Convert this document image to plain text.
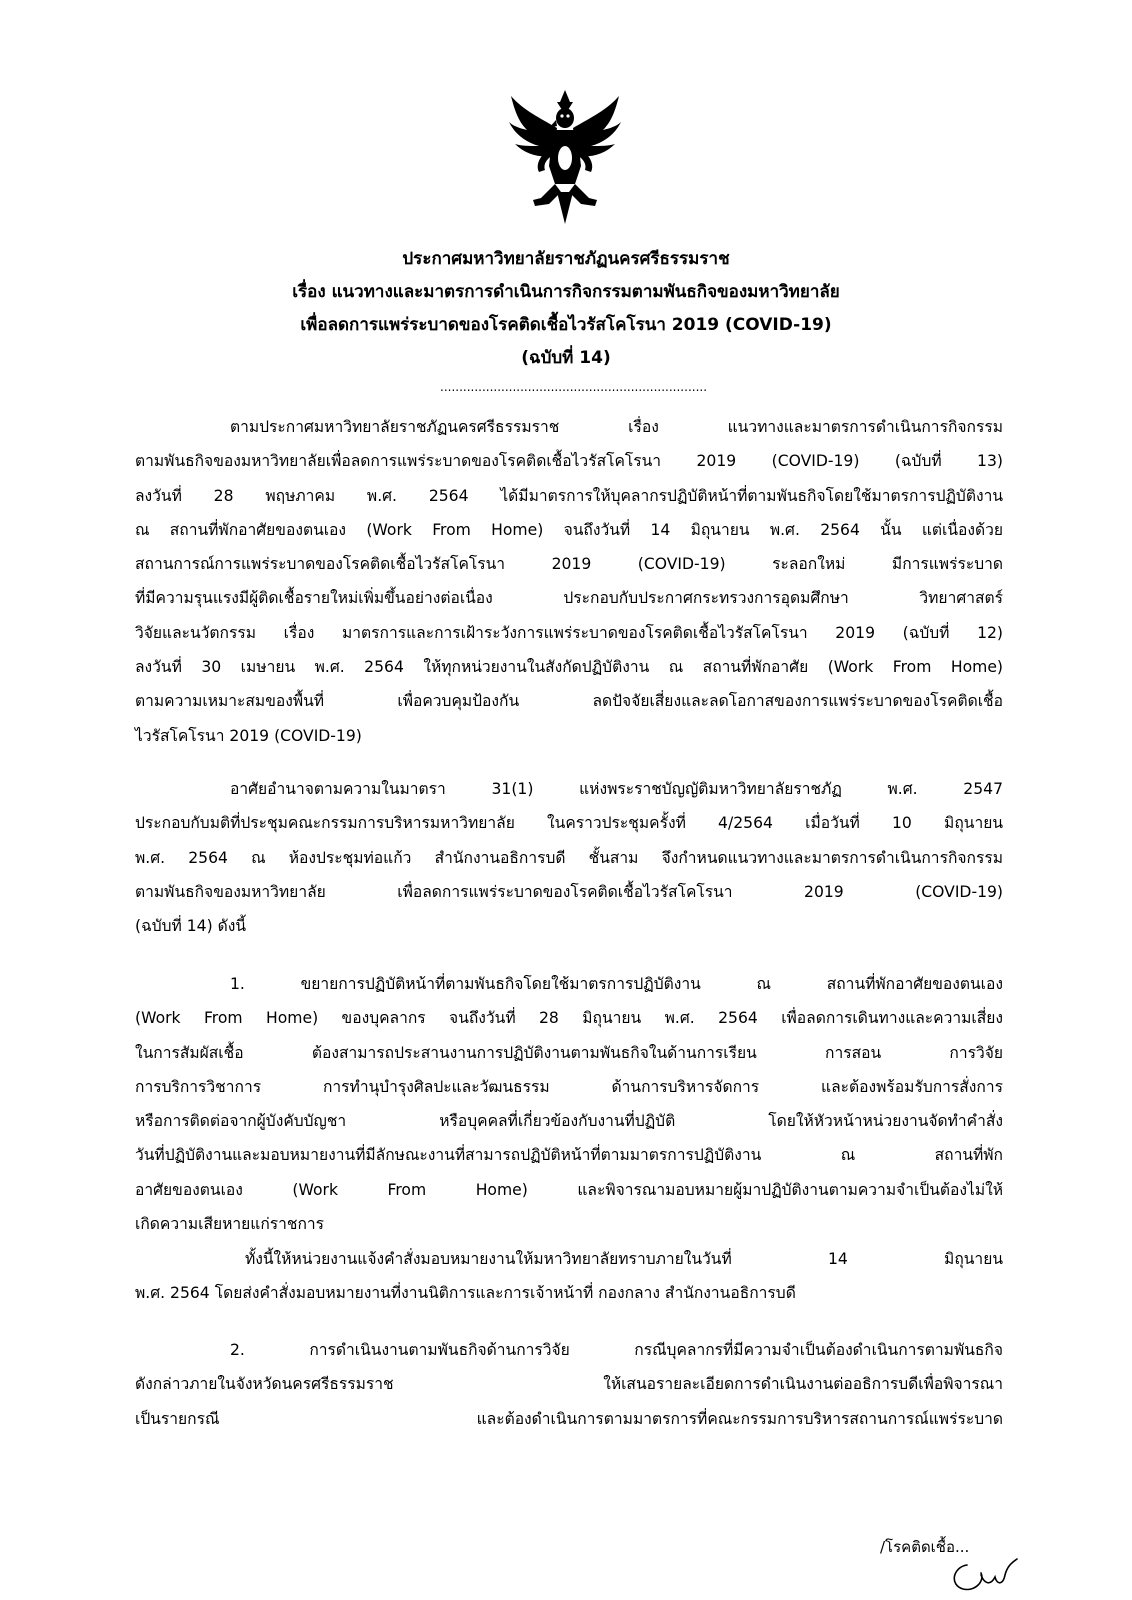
ประกาศมหาวิทยาลัยราชภัฏนครศรีธรรมราช
เรื่อง แนวทางและมาตรการดำเนินการกิจกรรมตามพันธกิจของมหาวิทยาลัย
เพื่อลดการแพร่ระบาดของโรคติดเชื้อไวรัสโคโรนา 2019 (COVID-19)
(ฉบับที่ 14)
......................................................................
ตามประกาศมหาวิทยาลัยราชภัฏนครศรีธรรมราช เรื่อง แนวทางและมาตรการดำเนินการกิจกรรม
ตามพันธกิจของมหาวิทยาลัยเพื่อลดการแพร่ระบาดของโรคติดเชื้อไวรัสโคโรนา 2019 (COVID-19) (ฉบับที่ 13)
ลงวันที่ 28 พฤษภาคม พ.ศ. 2564 ได้มีมาตรการให้บุคลากรปฏิบัติหน้าที่ตามพันธกิจโดยใช้มาตรการปฏิบัติงาน
ณ สถานที่พักอาศัยของตนเอง (Work From Home) จนถึงวันที่ 14 มิถุนายน พ.ศ. 2564 นั้น แต่เนื่องด้วย
สถานการณ์การแพร่ระบาดของโรคติดเชื้อไวรัสโคโรนา 2019 (COVID-19) ระลอกใหม่ มีการแพร่ระบาด
ที่มีความรุนแรงมีผู้ติดเชื้อรายใหม่เพิ่มขึ้นอย่างต่อเนื่อง ประกอบกับประกาศกระทรวงการอุดมศึกษา วิทยาศาสตร์
วิจัยและนวัตกรรม เรื่อง มาตรการและการเฝ้าระวังการแพร่ระบาดของโรคติดเชื้อไวรัสโคโรนา 2019 (ฉบับที่ 12)
ลงวันที่ 30 เมษายน พ.ศ. 2564 ให้ทุกหน่วยงานในสังกัดปฏิบัติงาน ณ สถานที่พักอาศัย (Work From Home)
ตามความเหมาะสมของพื้นที่ เพื่อควบคุมป้องกัน ลดปัจจัยเสี่ยงและลดโอกาสของการแพร่ระบาดของโรคติดเชื้อ
ไวรัสโคโรนา 2019 (COVID-19)
อาศัยอำนาจตามความในมาตรา 31(1) แห่งพระราชบัญญัติมหาวิทยาลัยราชภัฏ พ.ศ. 2547
ประกอบกับมติที่ประชุมคณะกรรมการบริหารมหาวิทยาลัย ในคราวประชุมครั้งที่ 4/2564 เมื่อวันที่ 10 มิถุนายน
พ.ศ. 2564 ณ ห้องประชุมท่อแก้ว สำนักงานอธิการบดี ชั้นสาม จึงกำหนดแนวทางและมาตรการดำเนินการกิจกรรม
ตามพันธกิจของมหาวิทยาลัย เพื่อลดการแพร่ระบาดของโรคติดเชื้อไวรัสโคโรนา 2019 (COVID-19)
(ฉบับที่ 14) ดังนี้
1. ขยายการปฏิบัติหน้าที่ตามพันธกิจโดยใช้มาตรการปฏิบัติงาน ณ สถานที่พักอาศัยของตนเอง
(Work From Home) ของบุคลากร จนถึงวันที่ 28 มิถุนายน พ.ศ. 2564 เพื่อลดการเดินทางและความเสี่ยง
ในการสัมผัสเชื้อ ต้องสามารถประสานงานการปฏิบัติงานตามพันธกิจในด้านการเรียน การสอน การวิจัย
การบริการวิชาการ การทำนุบำรุงศิลปะและวัฒนธรรม ด้านการบริหารจัดการ และต้องพร้อมรับการสั่งการ
หรือการติดต่อจากผู้บังคับบัญชา หรือบุคคลที่เกี่ยวข้องกับงานที่ปฏิบัติ โดยให้หัวหน้าหน่วยงานจัดทำคำสั่ง
วันที่ปฏิบัติงานและมอบหมายงานที่มีลักษณะงานที่สามารถปฏิบัติหน้าที่ตามมาตรการปฏิบัติงาน ณ สถานที่พัก
อาศัยของตนเอง (Work From Home) และพิจารณามอบหมายผู้มาปฏิบัติงานตามความจำเป็นต้องไม่ให้
เกิดความเสียหายแก่ราชการ
ทั้งนี้ให้หน่วยงานแจ้งคำสั่งมอบหมายงานให้มหาวิทยาลัยทราบภายในวันที่ 14 มิถุนายน
พ.ศ. 2564 โดยส่งคำสั่งมอบหมายงานที่งานนิติการและการเจ้าหน้าที่ กองกลาง สำนักงานอธิการบดี
2. การดำเนินงานตามพันธกิจด้านการวิจัย กรณีบุคลากรที่มีความจำเป็นต้องดำเนินการตามพันธกิจ
ดังกล่าวภายในจังหวัดนครศรีธรรมราช ให้เสนอรายละเอียดการดำเนินงานต่ออธิการบดีเพื่อพิจารณา
เป็นรายกรณี และต้องดำเนินการตามมาตรการที่คณะกรรมการบริหารสถานการณ์แพร่ระบาด
/โรคติดเชื้อ...
